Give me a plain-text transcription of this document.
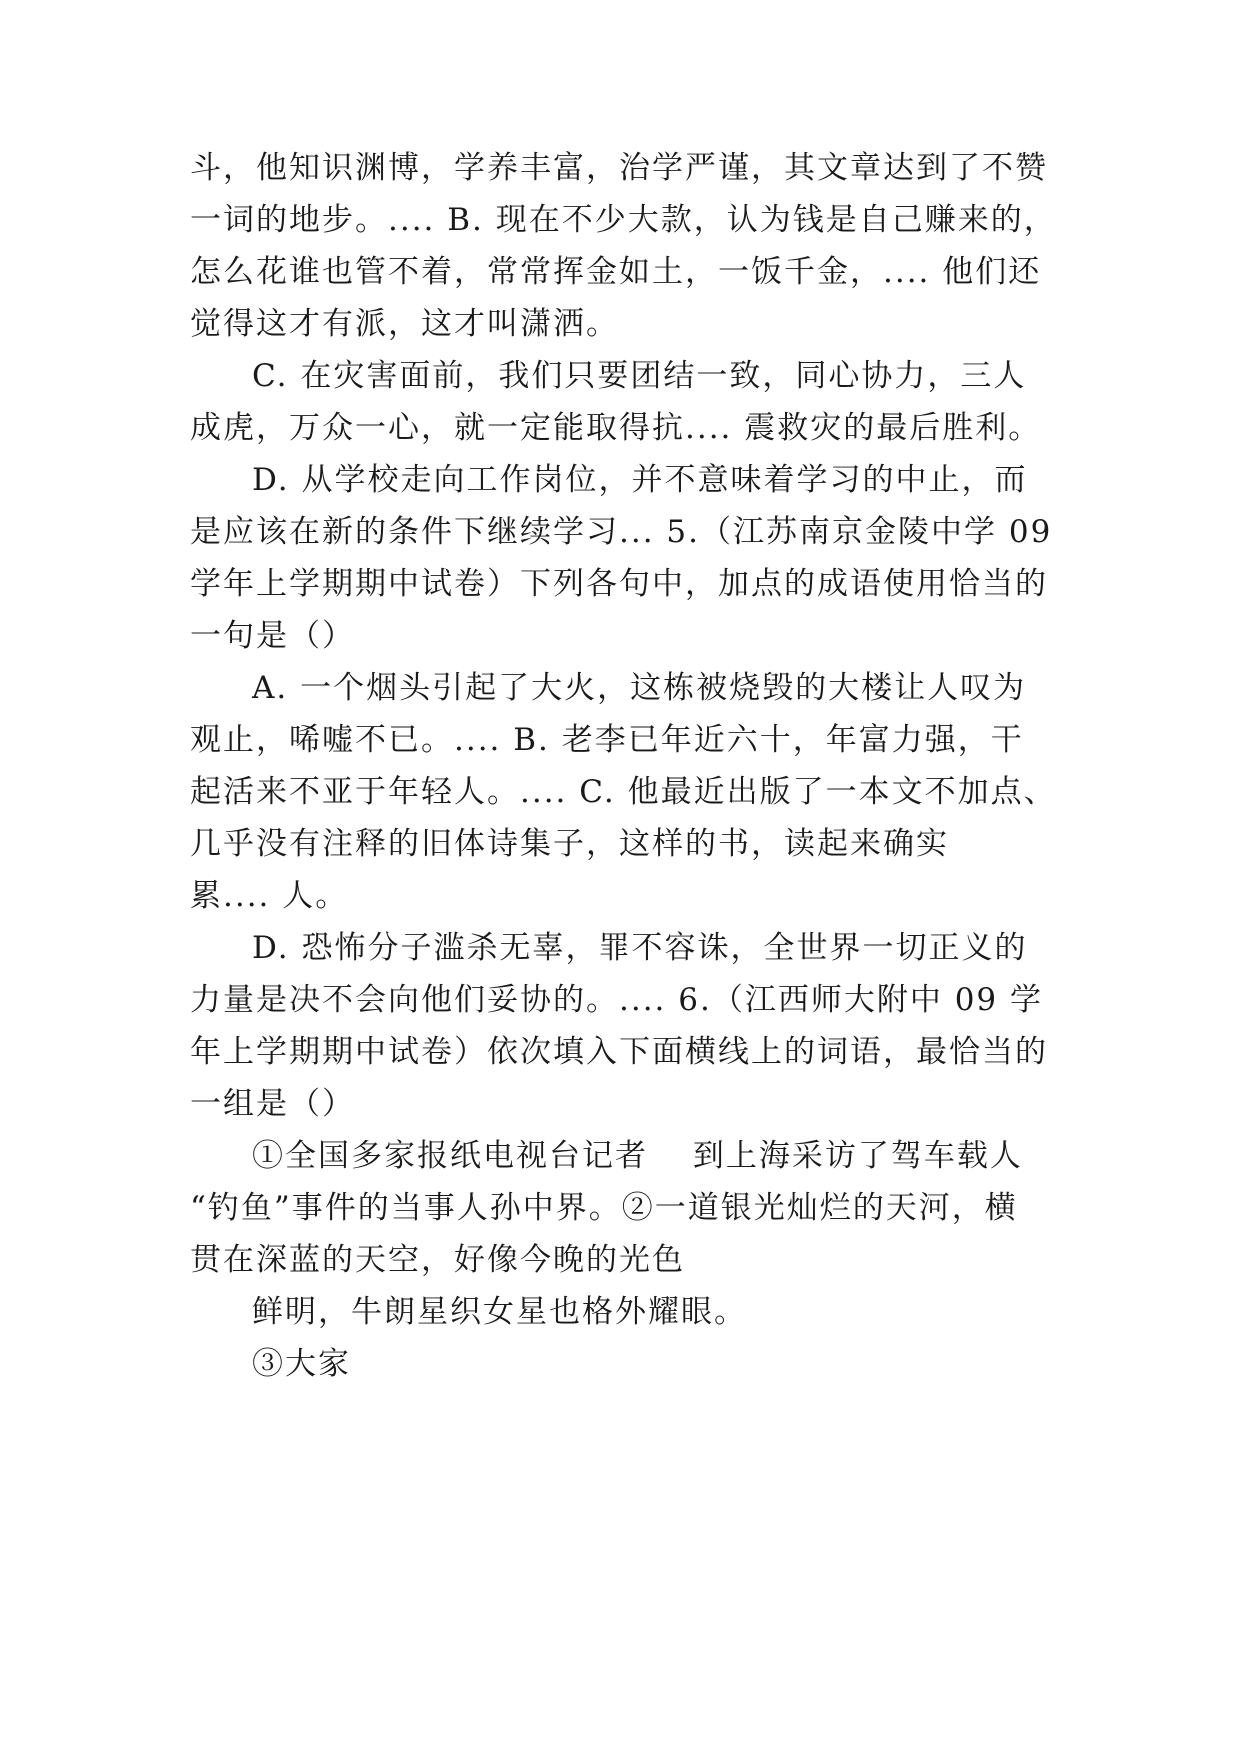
斗，他知识渊博，学养丰富，治学严谨，其文章达到了不赞
一词的地步。.... B. 现在不少大款，认为钱是自己赚来的，
怎么花谁也管不着，常常挥金如土，一饭千金，.... 他们还
觉得这才有派，这才叫潇洒。
C. 在灾害面前，我们只要团结一致，同心协力，三人
成虎，万众一心，就一定能取得抗.... 震救灾的最后胜利。
D. 从学校走向工作岗位，并不意味着学习的中止，而
是应该在新的条件下继续学习... 5.（江苏南京金陵中学 09
学年上学期期中试卷）下列各句中，加点的成语使用恰当的
一句是（）
A. 一个烟头引起了大火，这栋被烧毁的大楼让人叹为
观止，唏嘘不已。.... B. 老李已年近六十，年富力强，干
起活来不亚于年轻人。.... C. 他最近出版了一本文不加点、
几乎没有注释的旧体诗集子，这样的书，读起来确实
累.... 人。
D. 恐怖分子滥杀无辜，罪不容诛，全世界一切正义的
力量是决不会向他们妥协的。.... 6.（江西师大附中 09 学
年上学期期中试卷）依次填入下面横线上的词语，最恰当的
一组是（）
①全国多家报纸电视台记者　 到上海采访了驾车载人
“钓鱼”事件的当事人孙中界。②一道银光灿烂的天河，横
贯在深蓝的天空，好像今晚的光色
鲜明，牛朗星织女星也格外耀眼。
③大家
